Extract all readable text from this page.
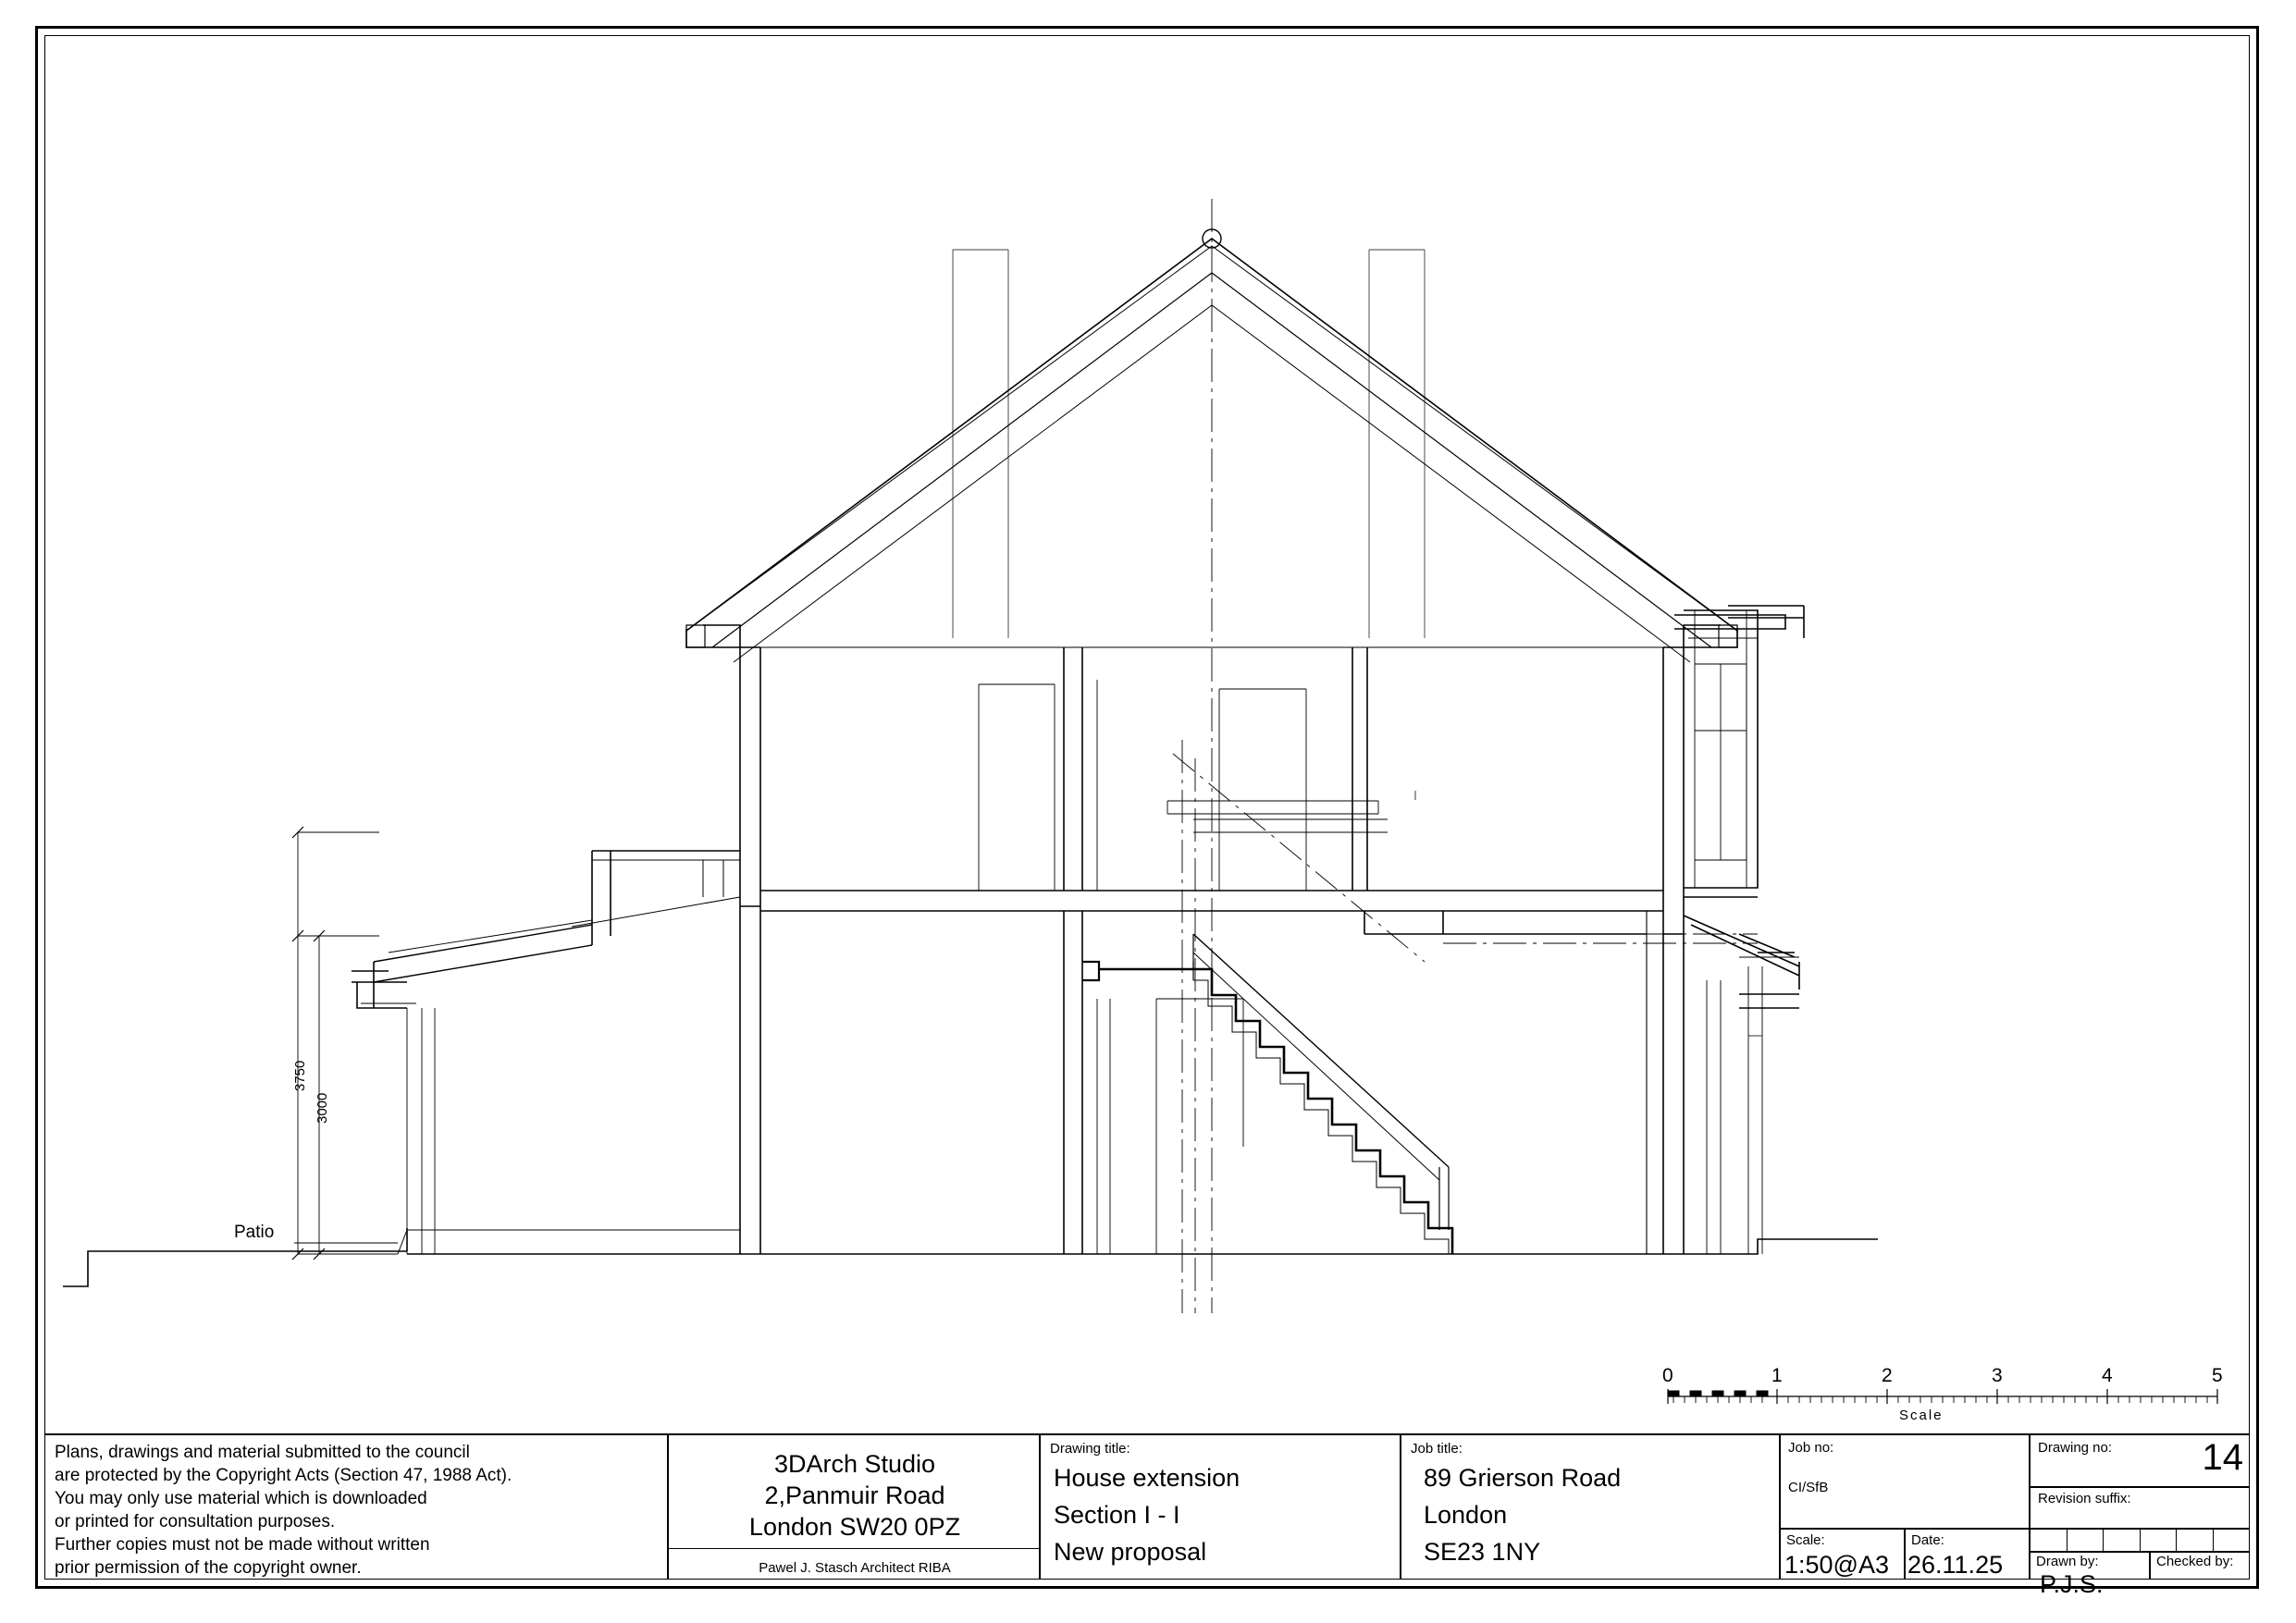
3750
3000
Patio
0	1	2	3	4	5
Scale
Plans, drawings and material submitted to the council
are protected by the Copyright Acts (Section 47, 1988 Act).
You may only use material which is downloaded
or printed for consultation purposes.
Further copies must not be made without written
prior permission of the copyright owner.
3DArch Studio
2,Panmuir Road
London SW20 0PZ
Pawel J. Stasch Architect RIBA
Drawing title:
House extension
Section I - I
New proposal
Job title:
89 Grierson Road
London
SE23 1NY
Job no:
CI/SfB
Drawing no:	14
Revision suffix:
Scale:
1:50@A3
Date:
26.11.25 Drawn by:
P.J.S.
Checked by:
